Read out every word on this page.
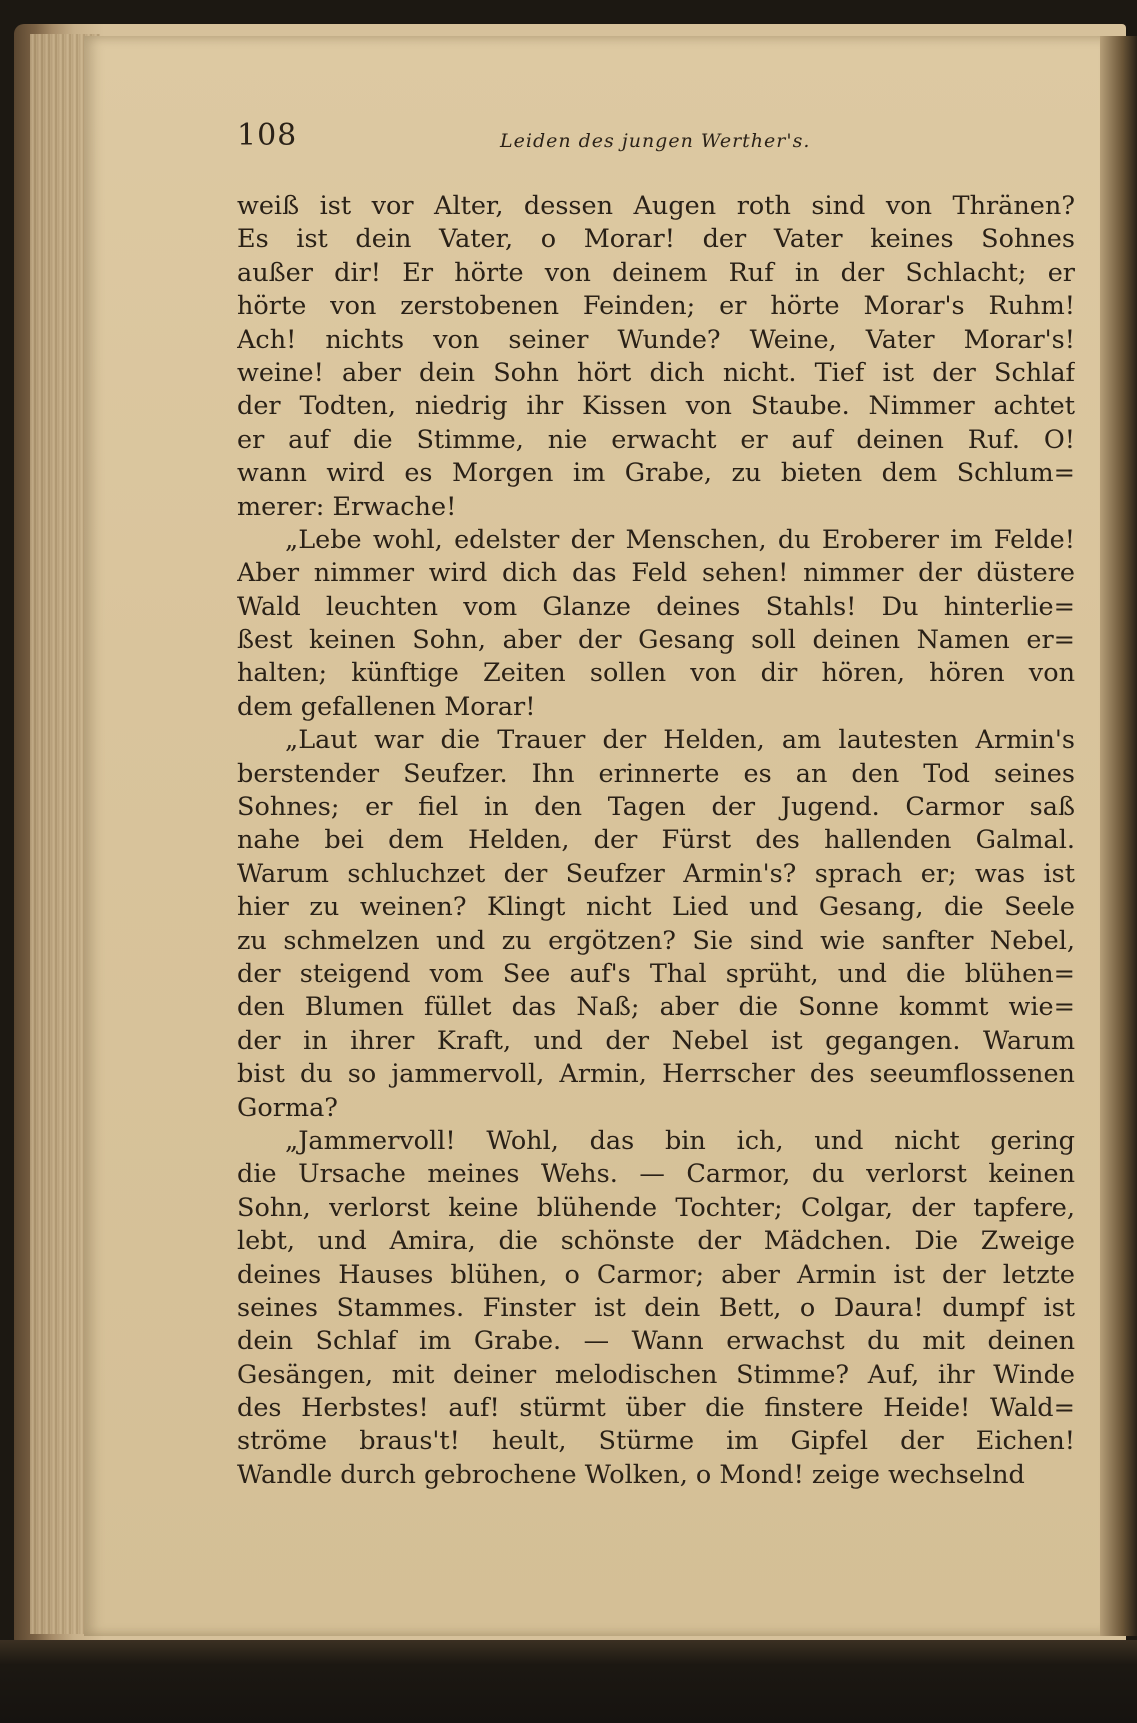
108	Leiden des jungen Werther's.
weiß ist vor Alter, dessen Augen roth sind von Thränen?
Es ist dein Vater, o Morar! der Vater keines Sohnes
außer dir! Er hörte von deinem Ruf in der Schlacht; er
hörte von zerstobenen Feinden; er hörte Morar's Ruhm!
Ach! nichts von seiner Wunde? Weine, Vater Morar's!
weine! aber dein Sohn hört dich nicht. Tief ist der Schlaf
der Todten, niedrig ihr Kissen von Staube. Nimmer achtet
er auf die Stimme, nie erwacht er auf deinen Ruf. O!
wann wird es Morgen im Grabe, zu bieten dem Schlum=
merer: Erwache!
„Lebe wohl, edelster der Menschen, du Eroberer im Felde!
Aber nimmer wird dich das Feld sehen! nimmer der düstere
Wald leuchten vom Glanze deines Stahls! Du hinterlie=
ßest keinen Sohn, aber der Gesang soll deinen Namen er=
halten; künftige Zeiten sollen von dir hören, hören von
dem gefallenen Morar!
„Laut war die Trauer der Helden, am lautesten Armin's
berstender Seufzer. Ihn erinnerte es an den Tod seines
Sohnes; er fiel in den Tagen der Jugend. Carmor saß
nahe bei dem Helden, der Fürst des hallenden Galmal.
Warum schluchzet der Seufzer Armin's? sprach er; was ist
hier zu weinen? Klingt nicht Lied und Gesang, die Seele
zu schmelzen und zu ergötzen? Sie sind wie sanfter Nebel,
der steigend vom See auf's Thal sprüht, und die blühen=
den Blumen füllet das Naß; aber die Sonne kommt wie=
der in ihrer Kraft, und der Nebel ist gegangen. Warum
bist du so jammervoll, Armin, Herrscher des seeumflossenen
Gorma?
„Jammervoll! Wohl, das bin ich, und nicht gering
die Ursache meines Wehs. — Carmor, du verlorst keinen
Sohn, verlorst keine blühende Tochter; Colgar, der tapfere,
lebt, und Amira, die schönste der Mädchen. Die Zweige
deines Hauses blühen, o Carmor; aber Armin ist der letzte
seines Stammes. Finster ist dein Bett, o Daura! dumpf ist
dein Schlaf im Grabe. — Wann erwachst du mit deinen
Gesängen, mit deiner melodischen Stimme? Auf, ihr Winde
des Herbstes! auf! stürmt über die finstere Heide! Wald=
ströme braus't! heult, Stürme im Gipfel der Eichen!
Wandle durch gebrochene Wolken, o Mond! zeige wechselnd
